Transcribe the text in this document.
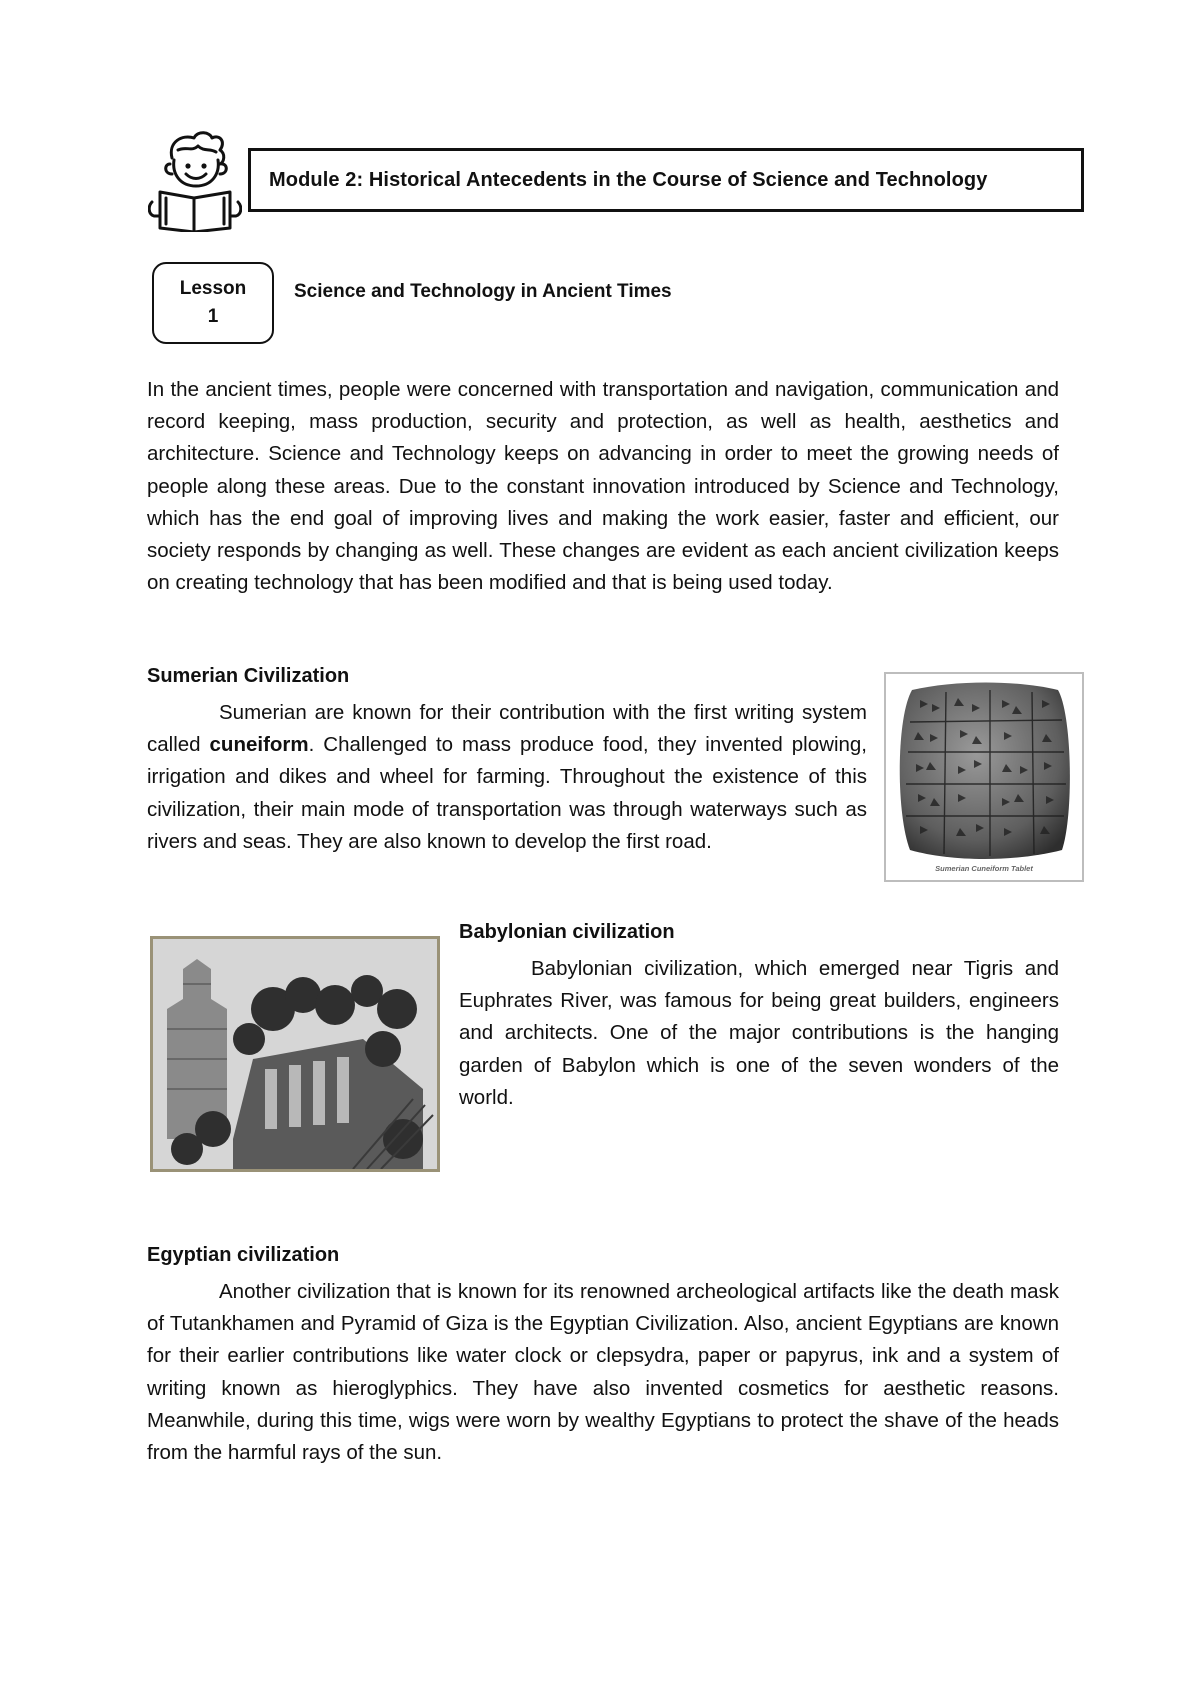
Module 2: Historical Antecedents in the Course of Science and Technology
Lesson
1
Science and Technology in Ancient Times

In the ancient times, people were concerned with transportation and navigation, communication and record keeping, mass production, security and protection, as well as health, aesthetics and architecture. Science and Technology keeps on advancing in order to meet the growing needs of people along these areas. Due to the constant innovation introduced by Science and Technology, which has the end goal of improving lives and making the work easier, faster and efficient, our society responds by changing as well. These changes are evident as each ancient civilization keeps on creating technology that has been modified and that is being used today.

Sumerian Civilization

Sumerian are known for their contribution with the first writing system called cuneiform. Challenged to mass produce food, they invented plowing, irrigation and dikes and wheel for farming. Throughout the existence of this civilization, their main mode of transportation was through waterways such as rivers and seas. They are also known to develop the first road.

Sumerian Cuneiform Tablet

Babylonian civilization

Babylonian civilization, which emerged near Tigris and Euphrates River, was famous for being great builders, engineers and architects. One of the major contributions is the hanging garden of Babylon which is one of the seven wonders of the world.

Egyptian civilization

Another civilization that is known for its renowned archeological artifacts like the death mask of Tutankhamen and Pyramid of Giza is the Egyptian Civilization. Also, ancient Egyptians are known for their earlier contributions like water clock or clepsydra, paper or papyrus, ink and a system of writing known as hieroglyphics. They have also invented cosmetics for aesthetic reasons. Meanwhile, during this time, wigs were worn by wealthy Egyptians to protect the shave of the heads from the harmful rays of the sun.
